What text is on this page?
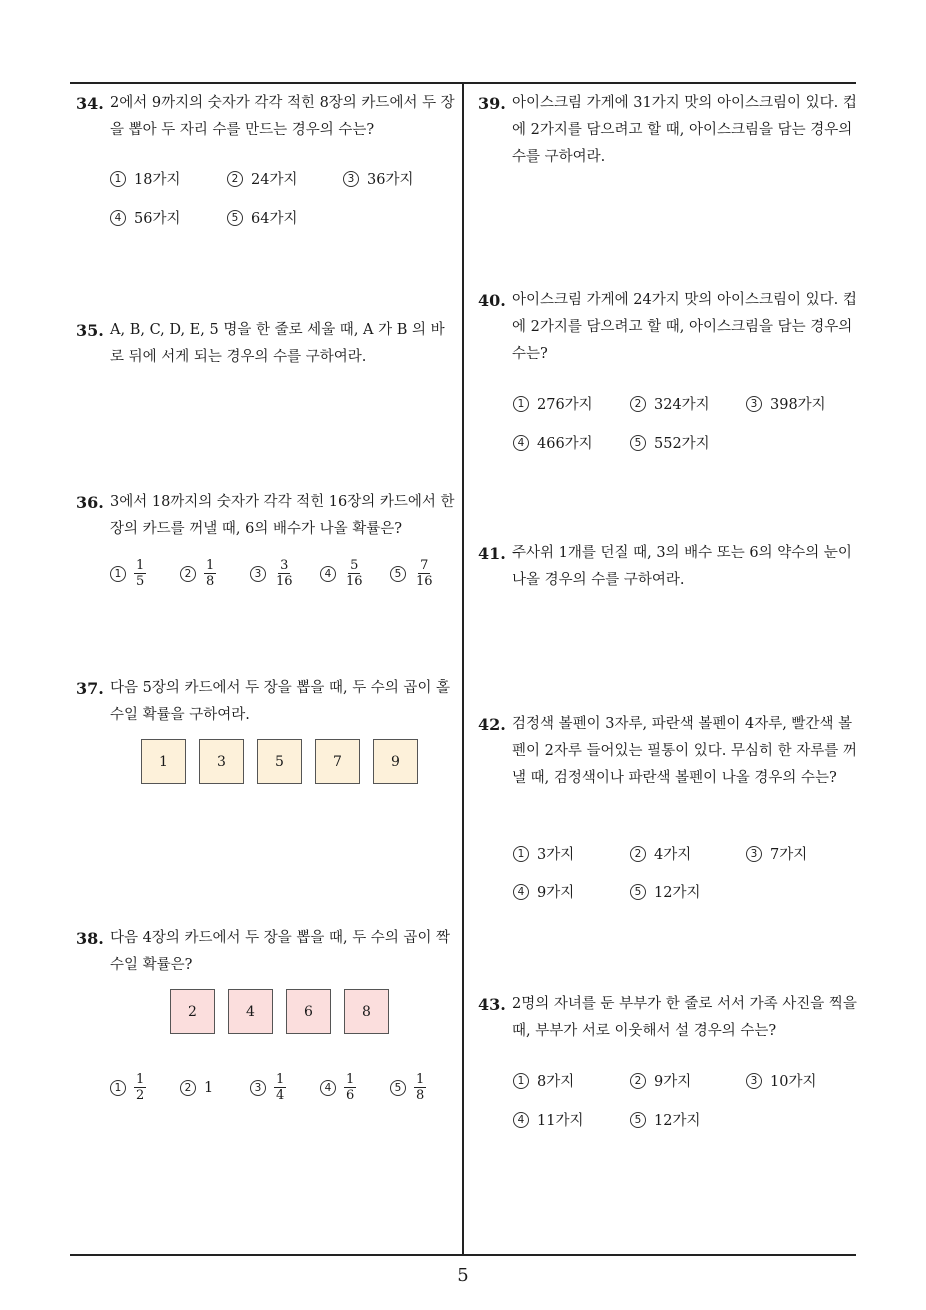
34. 2에서 9까지의 숫자가 각각 적힌 8장의 카드에서 두 장을 뽑아 두 자리 수를 만드는 경우의 수는?
1 18가지	2 24가지	3 36가지
4 56가지	5 64가지
35. A, B, C, D, E, 5 명을 한 줄로 세울 때, A 가 B 의 바로 뒤에 서게 되는 경우의 수를 구하여라.
36. 3에서 18까지의 숫자가 각각 적힌 16장의 카드에서 한 장의 카드를 꺼낼 때, 6의 배수가 나올 확률은?
$1 \frac{1}{5}$	$2 \frac{1}{8}$	$3 \frac{3}{16}$	$4 \frac{5}{16}$	$5 \frac{7}{16}$
37. 다음 5장의 카드에서 두 장을 뽑을 때, 두 수의 곱이 홀수일 확률을 구하여라.
1	3	5	7	9
38. 다음 4장의 카드에서 두 장을 뽑을 때, 두 수의 곱이 짝수일 확률은?
2	4	6	8
$1 \frac{1}{2}$	2 1	$3 \frac{1}{4}$	$4 \frac{1}{6}$	$5 \frac{1}{8}$
39. 아이스크림 가게에 31가지 맛의 아이스크림이 있다. 컵에 2가지를 담으려고 할 때, 아이스크림을 담는 경우의 수를 구하여라.
40. 아이스크림 가게에 24가지 맛의 아이스크림이 있다. 컵에 2가지를 담으려고 할 때, 아이스크림을 담는 경우의 수는?
1 276가지	2 324가지	3 398가지
4 466가지	5 552가지
41. 주사위 1개를 던질 때, 3의 배수 또는 6의 약수의 눈이 나올 경우의 수를 구하여라.
42. 검정색 볼펜이 3자루, 파란색 볼펜이 4자루, 빨간색 볼펜이 2자루 들어있는 필통이 있다. 무심히 한 자루를 꺼낼 때, 검정색이나 파란색 볼펜이 나올 경우의 수는?
1 3가지	2 4가지	3 7가지
4 9가지	5 12가지
43. 2명의 자녀를 둔 부부가 한 줄로 서서 가족 사진을 찍을 때, 부부가 서로 이웃해서 설 경우의 수는?
1 8가지	2 9가지	3 10가지
4 11가지	5 12가지
5
